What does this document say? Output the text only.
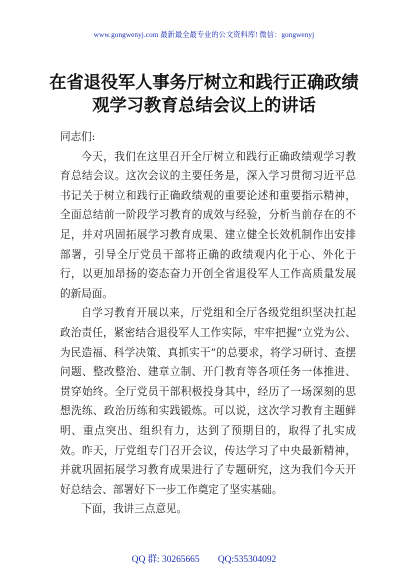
www.gongwenyj.com 最新最全最专业的公文资料库! 微信：gongwenyj
在省退役军人事务厅树立和践行正确政绩
观学习教育总结会议上的讲话

同志们:

今天，我们在这里召开全厅树立和践行正确政绩观学习教育总结会议。这次会议的主要任务是，深入学习贯彻习近平总书记关于树立和践行正确政绩观的重要论述和重要指示精神，全面总结前一阶段学习教育的成效与经验，分析当前存在的不足，并对巩固拓展学习教育成果、建立健全长效机制作出安排部署，引导全厅党员干部将正确的政绩观内化于心、外化于行，以更加昂扬的姿态奋力开创全省退役军人工作高质量发展的新局面。

自学习教育开展以来，厅党组和全厅各级党组织坚决扛起政治责任，紧密结合退役军人工作实际，牢牢把握“立党为公、为民造福、科学决策、真抓实干”的总要求，将学习研讨、查摆问题、整改整治、建章立制、开门教育等各项任务一体推进、贯穿始终。全厅党员干部积极投身其中，经历了一场深刻的思想洗练、政治历练和实践锻炼。可以说，这次学习教育主题鲜明、重点突出、组织有力，达到了预期目的，取得了扎实成效。昨天，厅党组专门召开会议，传达学习了中央最新精神，并就巩固拓展学习教育成果进行了专题研究，这为我们今天开好总结会、部署好下一步工作奠定了坚实基础。

下面，我讲三点意见。

QQ 群: 30265665 QQ:535304092
